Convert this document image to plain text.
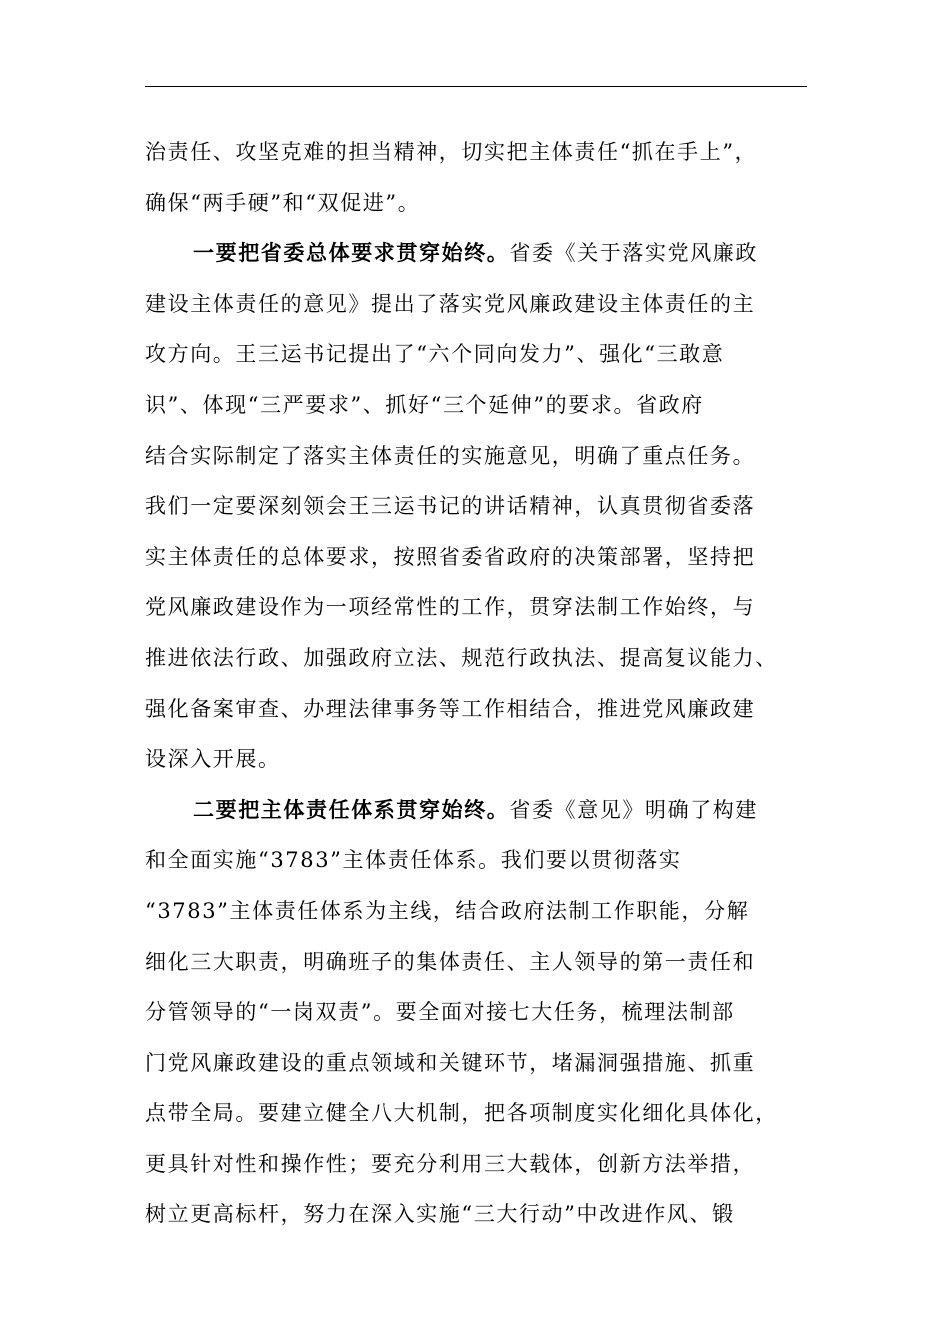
治责任、攻坚克难的担当精神，切实把主体责任“抓在手上”，
确保“两手硬”和“双促进”。
一要把省委总体要求贯穿始终。省委《关于落实党风廉政
建设主体责任的意见》提出了落实党风廉政建设主体责任的主
攻方向。王三运书记提出了“六个同向发力”、强化“三敢意
识”、体现“三严要求”、抓好“三个延伸”的要求。省政府
结合实际制定了落实主体责任的实施意见，明确了重点任务。
我们一定要深刻领会王三运书记的讲话精神，认真贯彻省委落
实主体责任的总体要求，按照省委省政府的决策部署，坚持把
党风廉政建设作为一项经常性的工作，贯穿法制工作始终，与
推进依法行政、加强政府立法、规范行政执法、提高复议能力、
强化备案审查、办理法律事务等工作相结合，推进党风廉政建
设深入开展。
二要把主体责任体系贯穿始终。省委《意见》明确了构建
和全面实施“3783”主体责任体系。我们要以贯彻落实
“3783”主体责任体系为主线，结合政府法制工作职能，分解
细化三大职责，明确班子的集体责任、主人领导的第一责任和
分管领导的“一岗双责”。要全面对接七大任务，梳理法制部
门党风廉政建设的重点领域和关键环节，堵漏洞强措施、抓重
点带全局。要建立健全八大机制，把各项制度实化细化具体化，
更具针对性和操作性；要充分利用三大载体，创新方法举措，
树立更高标杆，努力在深入实施“三大行动”中改进作风、锻
